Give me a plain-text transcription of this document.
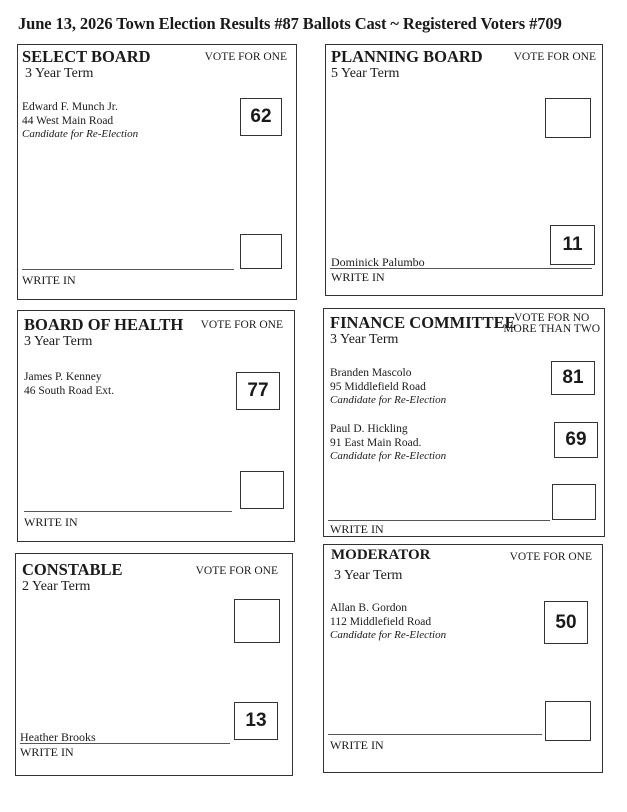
June 13, 2026 Town Election Results #87 Ballots Cast ~ Registered Voters #709
SELECT BOARD
3 Year Term
VOTE FOR ONE
Edward F. Munch Jr.
44 West Main Road
Candidate for Re-Election
62
WRITE IN
PLANNING BOARD
5 Year Term
VOTE FOR ONE
11
Dominick Palumbo
WRITE IN
BOARD OF HEALTH
3 Year Term
VOTE FOR ONE
James P. Kenney
46 South Road Ext.	77
WRITE IN
FINANCE COMMITTEE
3 Year Term
VOTE FOR NO
MORE THAN TWO
Branden Mascolo
95 Middlefield Road
Candidate for Re-Election
81
Paul D. Hickling
91 East Main Road.
Candidate for Re-Election
69
WRITE IN
CONSTABLE
2 Year Term
VOTE FOR ONE
13
Heather Brooks
WRITE IN
MODERATOR
3 Year Term
VOTE FOR ONE
Allan B. Gordon
112 Middlefield Road
Candidate for Re-Election
50
WRITE IN
